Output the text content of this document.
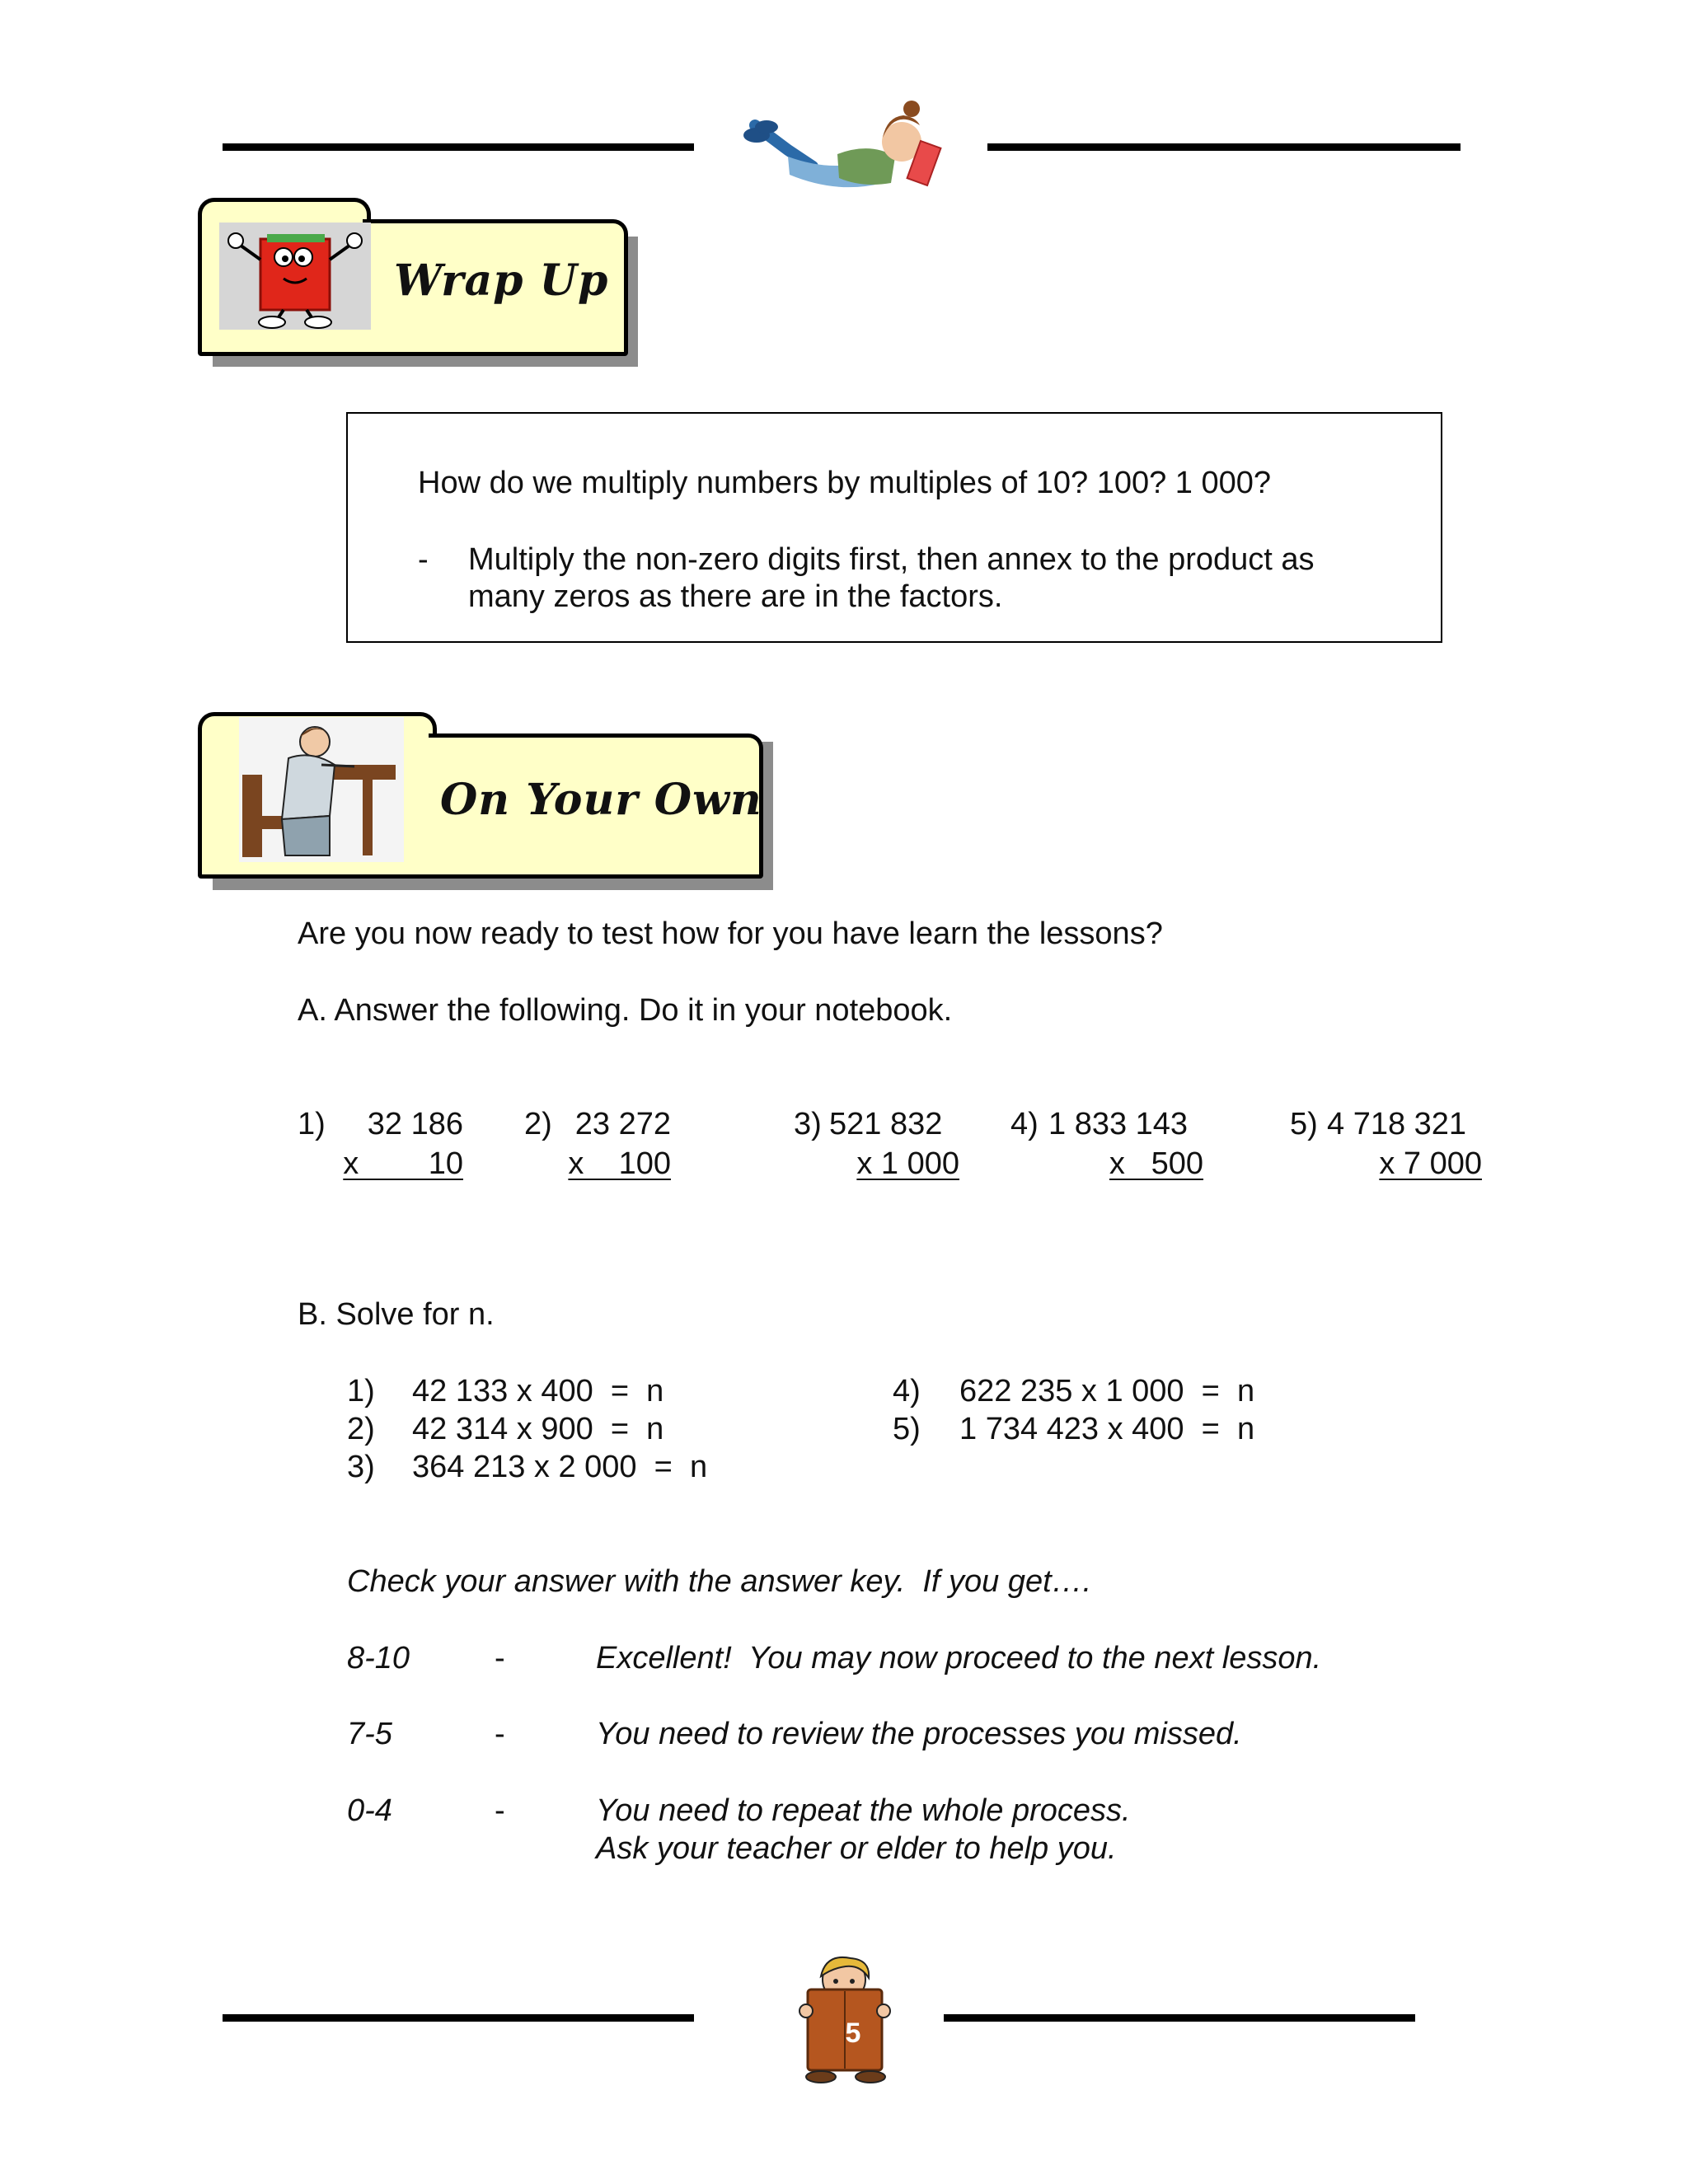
Wrap Up
How do we multiply numbers by multiples of 10? 100? 1 000?
- Multiply the non-zero digits first, then annex to the product as
many zeros as there are in the factors.
On Your Own
Are you now ready to test how for you have learn the lessons?
A. Answer the following. Do it in your notebook.
1)	32 186
x        10
2) 23 272
x    100
3) 521 832
x 1 000
4) 1 833 143
x   500
5) 4 718 321
x 7 000
B. Solve for n.
1) 42 133 x 400  =  n
2) 42 314 x 900  =  n
3) 364 213 x 2 000  =  n
4) 622 235 x 1 000  =  n
5) 1 734 423 x 400  =  n
Check your answer with the answer key.  If you get….
8-10	-	Excellent!  You may now proceed to the next lesson.
7-5	-	You need to review the processes you missed.
0-4	-	You need to repeat the whole process.
Ask your teacher or elder to help you.
5
